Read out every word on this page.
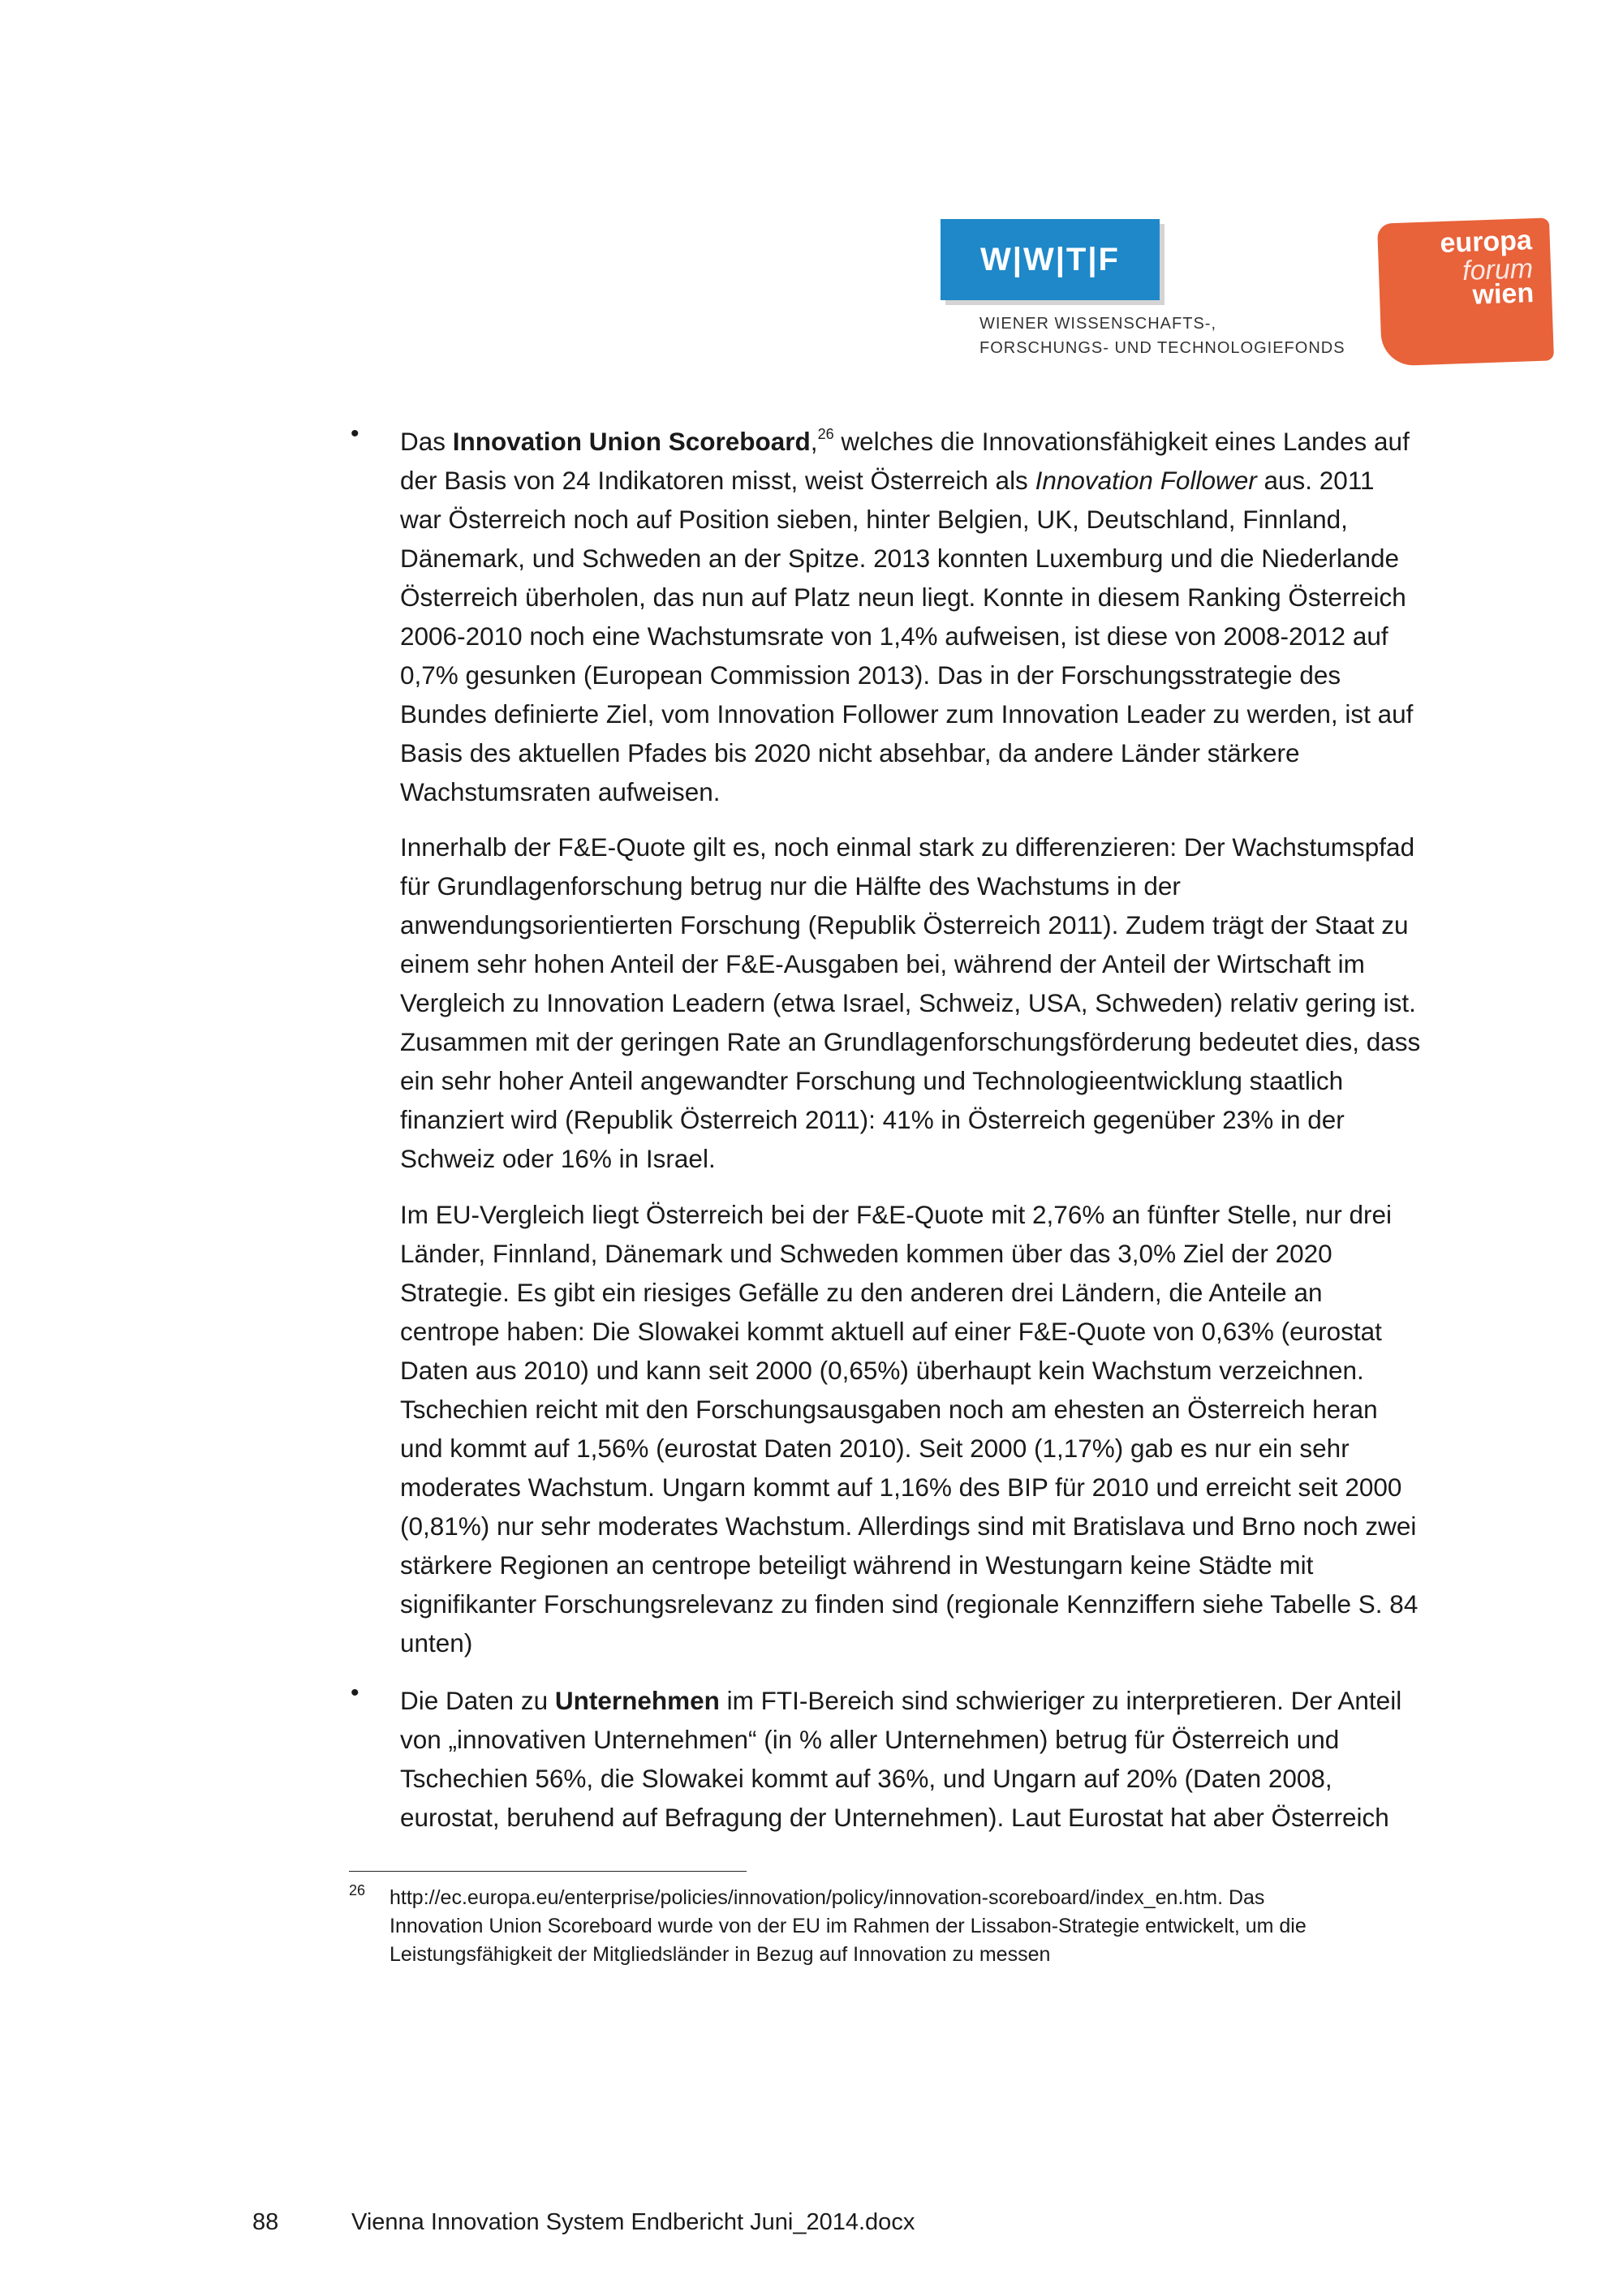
W|W|T|F
WIENER WISSENSCHAFTS-,
FORSCHUNGS- UND TECHNOLOGIEFONDS
europa
forum
wien
• Das Innovation Union Scoreboard,$^{26}$ welches die Innovationsfähigkeit eines Landes auf
der Basis von 24 Indikatoren misst, weist Österreich als Innovation Follower aus. 2011
war Österreich noch auf Position sieben, hinter Belgien, UK, Deutschland, Finnland,
Dänemark, und Schweden an der Spitze. 2013 konnten Luxemburg und die Niederlande
Österreich überholen, das nun auf Platz neun liegt. Konnte in diesem Ranking Österreich
2006-2010 noch eine Wachstumsrate von 1,4% aufweisen, ist diese von 2008-2012 auf
0,7% gesunken (European Commission 2013). Das in der Forschungsstrategie des
Bundes definierte Ziel, vom Innovation Follower zum Innovation Leader zu werden, ist auf
Basis des aktuellen Pfades bis 2020 nicht absehbar, da andere Länder stärkere
Wachstumsraten aufweisen.
Innerhalb der F&E-Quote gilt es, noch einmal stark zu differenzieren: Der Wachstumspfad
für Grundlagenforschung betrug nur die Hälfte des Wachstums in der
anwendungsorientierten Forschung (Republik Österreich 2011). Zudem trägt der Staat zu
einem sehr hohen Anteil der F&E-Ausgaben bei, während der Anteil der Wirtschaft im
Vergleich zu Innovation Leadern (etwa Israel, Schweiz, USA, Schweden) relativ gering ist.
Zusammen mit der geringen Rate an Grundlagenforschungsförderung bedeutet dies, dass
ein sehr hoher Anteil angewandter Forschung und Technologieentwicklung staatlich
finanziert wird (Republik Österreich 2011): 41% in Österreich gegenüber 23% in der
Schweiz oder 16% in Israel.
Im EU-Vergleich liegt Österreich bei der F&E-Quote mit 2,76% an fünfter Stelle, nur drei
Länder, Finnland, Dänemark und Schweden kommen über das 3,0% Ziel der 2020
Strategie. Es gibt ein riesiges Gefälle zu den anderen drei Ländern, die Anteile an
centrope haben: Die Slowakei kommt aktuell auf einer F&E-Quote von 0,63% (eurostat
Daten aus 2010) und kann seit 2000 (0,65%) überhaupt kein Wachstum verzeichnen.
Tschechien reicht mit den Forschungsausgaben noch am ehesten an Österreich heran
und kommt auf 1,56% (eurostat Daten 2010). Seit 2000 (1,17%) gab es nur ein sehr
moderates Wachstum. Ungarn kommt auf 1,16% des BIP für 2010 und erreicht seit 2000
(0,81%) nur sehr moderates Wachstum. Allerdings sind mit Bratislava und Brno noch zwei
stärkere Regionen an centrope beteiligt während in Westungarn keine Städte mit
signifikanter Forschungsrelevanz zu finden sind (regionale Kennziffern siehe Tabelle S. 84
unten)
• Die Daten zu Unternehmen im FTI-Bereich sind schwieriger zu interpretieren. Der Anteil
von „innovativen Unternehmen“ (in % aller Unternehmen) betrug für Österreich und
Tschechien 56%, die Slowakei kommt auf 36%, und Ungarn auf 20% (Daten 2008,
eurostat, beruhend auf Befragung der Unternehmen). Laut Eurostat hat aber Österreich
26 http://ec.europa.eu/enterprise/policies/innovation/policy/innovation-scoreboard/index_en.htm. Das
Innovation Union Scoreboard wurde von der EU im Rahmen der Lissabon-Strategie entwickelt, um die
Leistungsfähigkeit der Mitgliedsländer in Bezug auf Innovation zu messen
88	Vienna Innovation System Endbericht Juni_2014.docx
